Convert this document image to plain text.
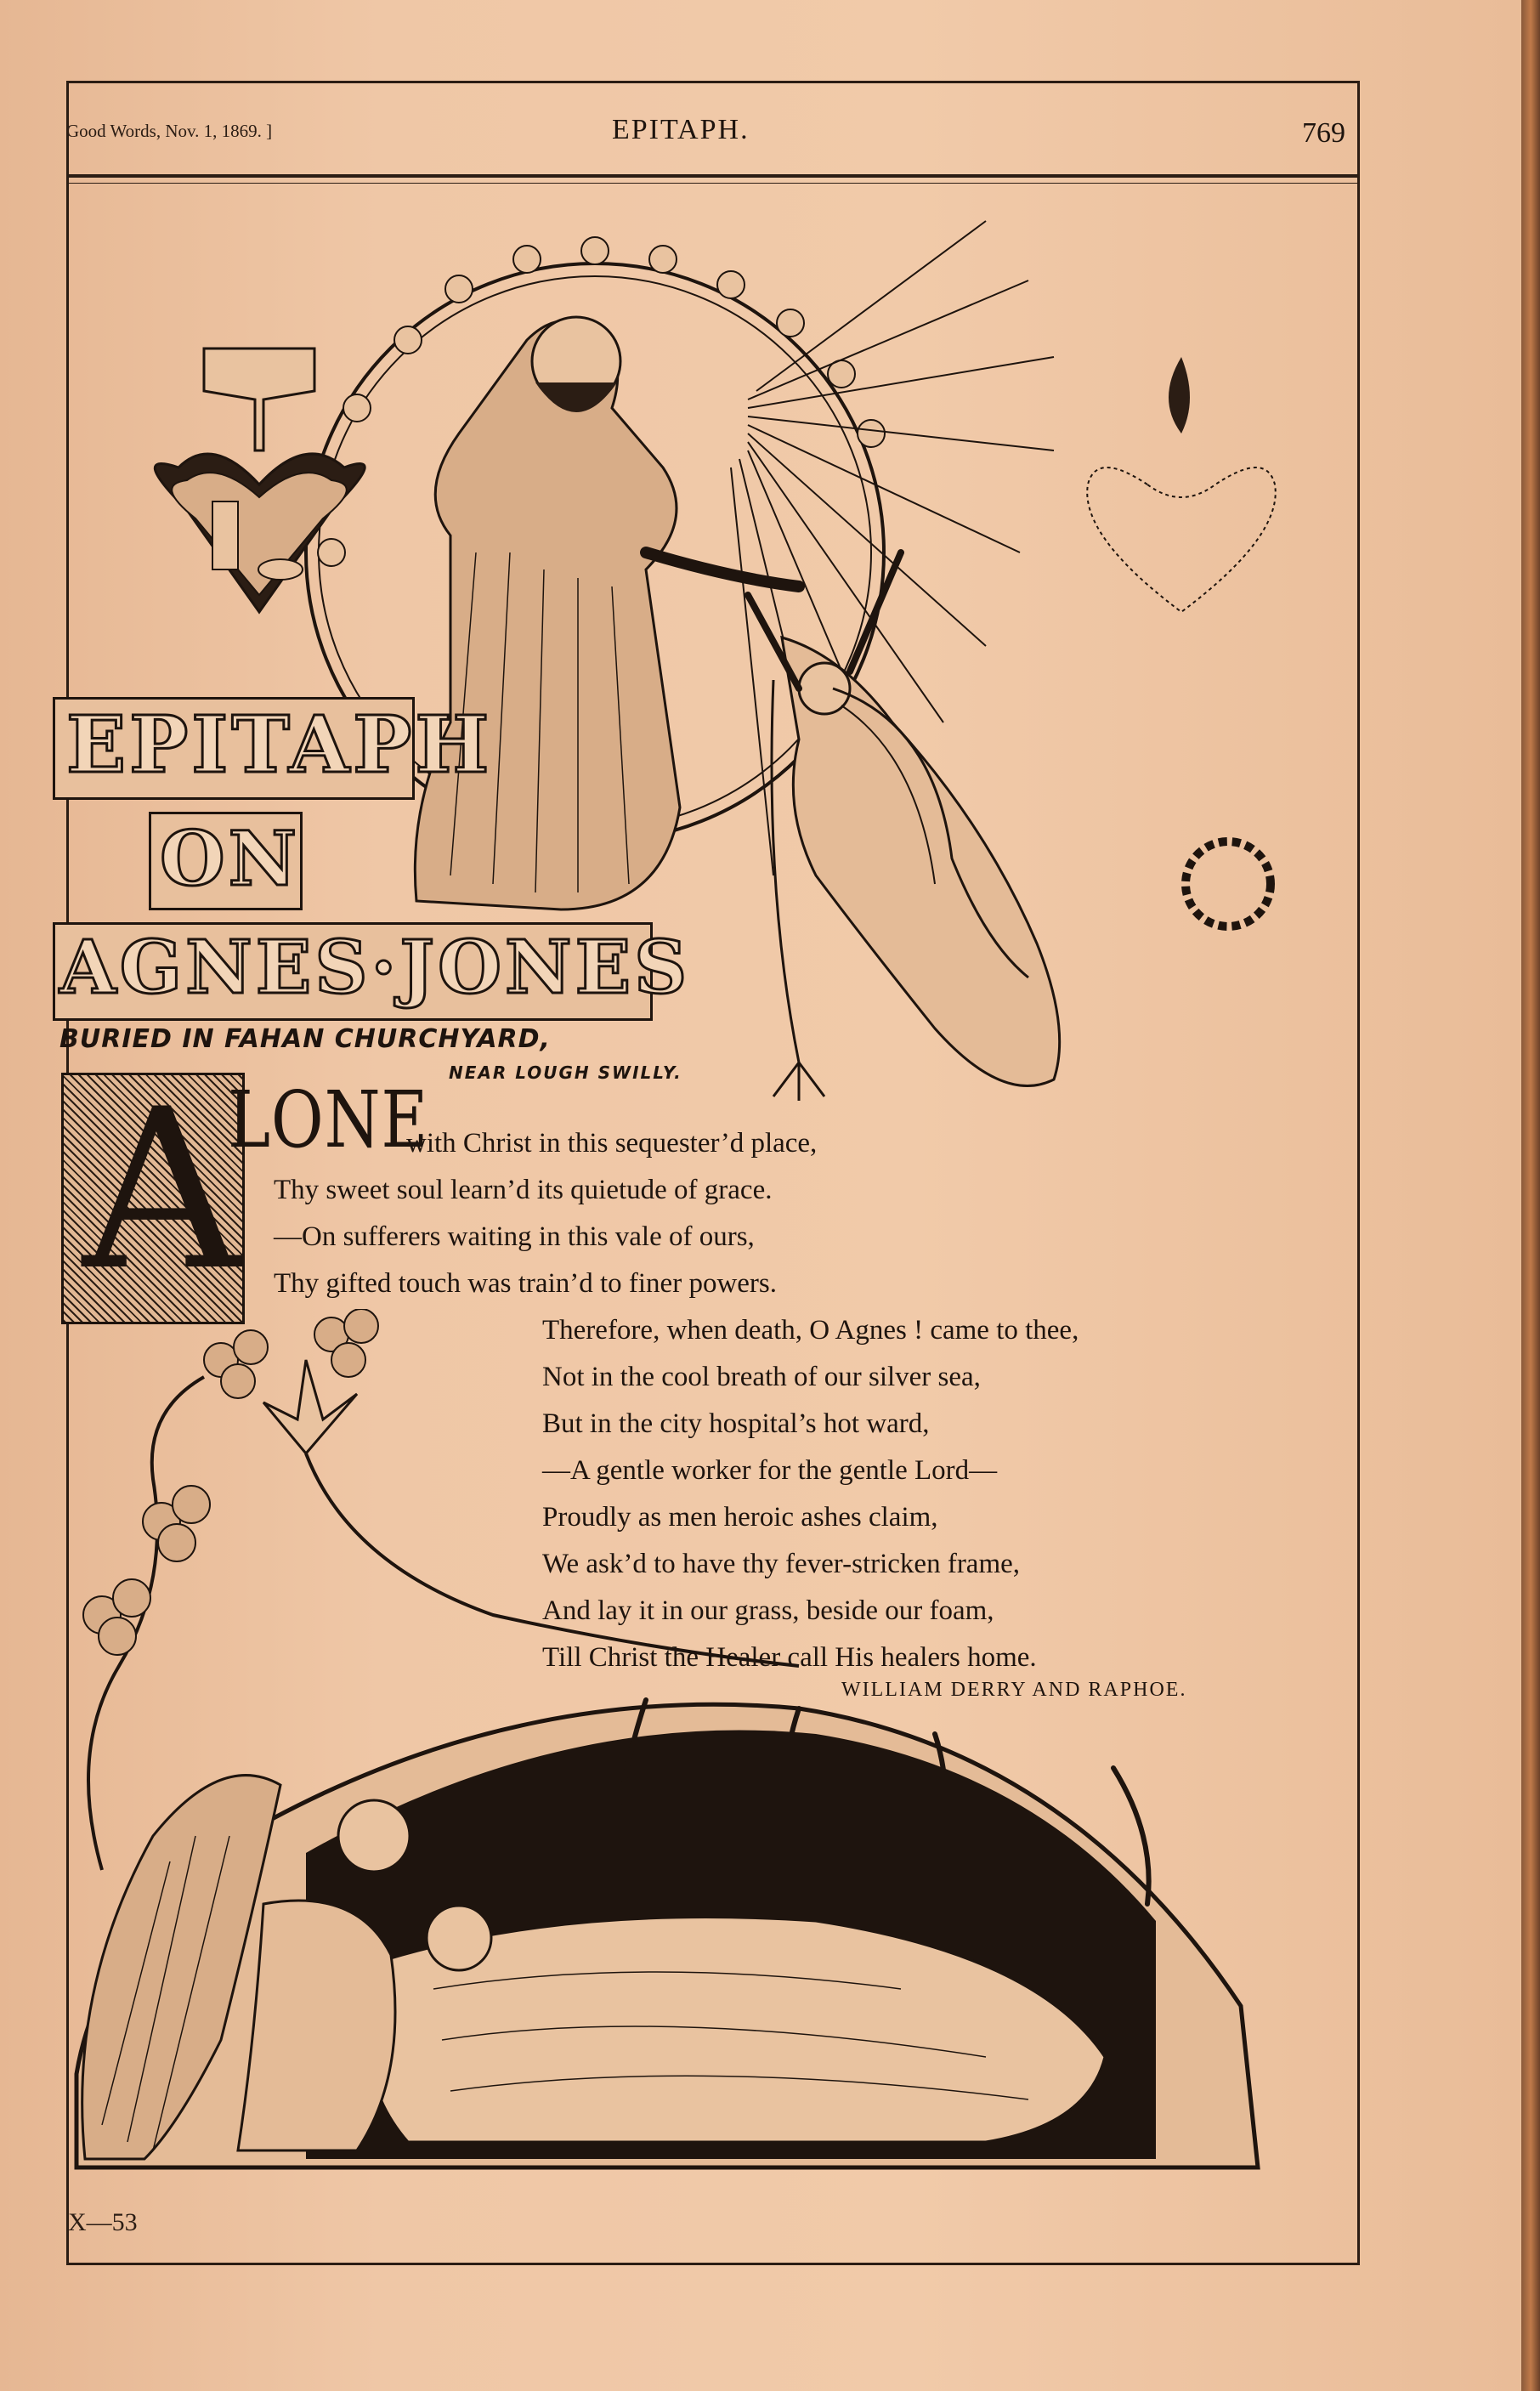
Good Words, Nov. 1, 1869. ]	EPITAPH.	769
EPITAPH
ON
AGNES·JONES
BURIED IN FAHAN CHURCHYARD,
NEAR LOUGH SWILLY.
A
LONE
with Christ in this sequester’d place,
Thy sweet soul learn’d its quietude of grace.
—On sufferers waiting in this vale of ours,
Thy gifted touch was train’d to finer powers.
Therefore, when death, O Agnes ! came to thee,
Not in the cool breath of our silver sea,
But in the city hospital’s hot ward,
—A gentle worker for the gentle Lord—
Proudly as men heroic ashes claim,
We ask’d to have thy fever-stricken frame,
And lay it in our grass, beside our foam,
Till Christ the Healer call His healers home.
WILLIAM DERRY AND RAPHOE.
X—53
